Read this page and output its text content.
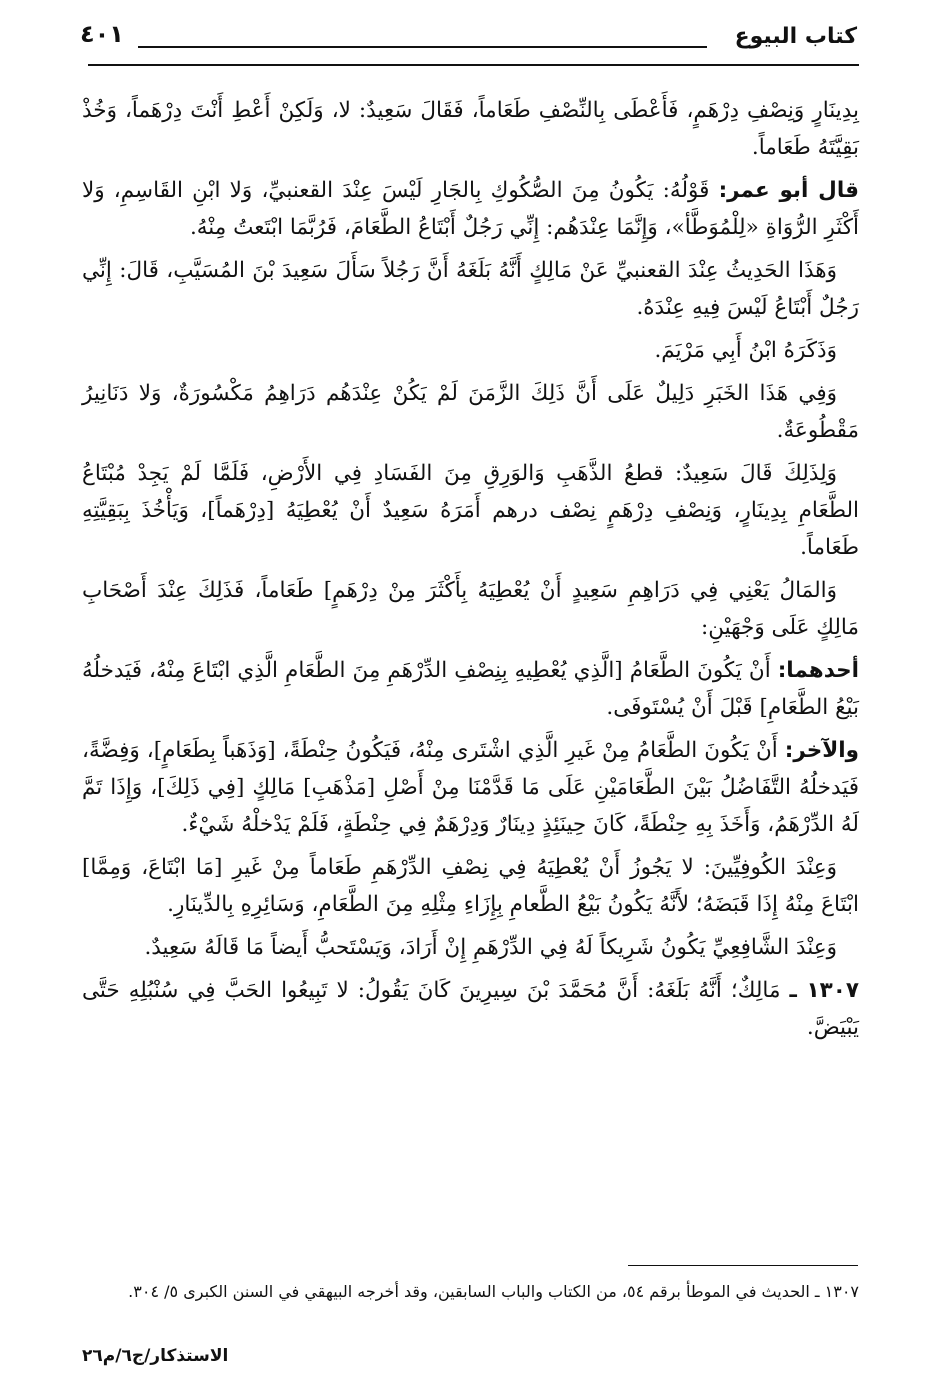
كتاب البيوع
٤٠١

بِدِينَارٍ وَنِصْفِ دِرْهَمٍ، فَأَعْطَى بِالنِّصْفِ طَعَاماً، فَقَالَ سَعِيدٌ: لا، وَلَكِنْ أَعْطِ أَنْتَ دِرْهَماً، وَخُذْ بَقِيَّتَهُ طَعَاماً.

قال أبو عمر: قَوْلُهُ: يَكُونُ مِنَ الصُّكُوكِ بِالجَارِ لَيْسَ عِنْدَ القعنبيِّ، وَلا ابْنِ القَاسِمِ، وَلا أَكْثَرِ الرُّوَاةِ «لِلْمُوَطَّأ»، وَإِنَّمَا عِنْدَهُم: إِنِّي رَجُلٌ أَبْتَاعُ الطَّعَامَ، فَرُبَّمَا ابْتَعتُ مِنْهُ.

وَهَذَا الحَدِيثُ عِنْدَ القعنبيِّ عَنْ مَالِكٍ أَنَّهُ بَلَغَهُ أَنَّ رَجُلاً سَأَلَ سَعِيدَ بْنَ المُسَيَّبِ، قَالَ: إِنِّي رَجُلٌ أَبْتَاعُ لَيْسَ فِيهِ عِنْدَهُ.

وَذَكَرَهُ ابْنُ أَبِي مَرْيَمَ.

وَفِي هَذَا الخَبَرِ دَلِيلٌ عَلَى أَنَّ ذَلِكَ الزَّمَنَ لَمْ يَكُنْ عِنْدَهُم دَرَاهِمُ مَكْسُورَةٌ، وَلا دَنَانِيرُ مَقْطُوعَةٌ.

وَلِذَلِكَ قَالَ سَعِيدٌ: قطعُ الذَّهَبِ وَالوَرِقِ مِنَ الفَسَادِ فِي الأَرْضِ، فَلَمَّا لَمْ يَجِدْ مُبْتَاعُ الطَّعَامِ بِدِينَارٍ، وَنِصْفِ دِرْهَمٍ نِصْف درهم أَمَرَهُ سَعِيدٌ أَنْ يُعْطِيَهُ [دِرْهَماً]، وَيَأْخُذَ بِبَقِيَّتِهِ طَعَاماً.

وَالمَالُ يَعْنِي فِي دَرَاهِمِ سَعِيدٍ أَنْ يُعْطِيَهُ بِأَكْثَرَ مِنْ دِرْهَمٍ] طَعَاماً، فَذَلِكَ عِنْدَ أَصْحَابِ مَالِكٍ عَلَى وَجْهَيْنِ:

أحدهما: أَنْ يَكُونَ الطَّعَامُ [الَّذِي يُعْطِيهِ بِنِصْفِ الدِّرْهَمِ مِنَ الطَّعَامِ الَّذِي ابْتَاعَ مِنْهُ، فَيَدخلُهُ بَيْعُ الطَّعَامِ] قَبْلَ أَنْ يُسْتَوفَى.

والآخر: أَنْ يَكُونَ الطَّعَامُ مِنْ غَيرِ الَّذِي اشْتَرى مِنْهُ، فَيَكُونُ حِنْطَةً، [وَذَهَباً بِطَعَامٍ]، وَفِضَّةً، فَيَدخلُهُ التَّفَاضُلُ بَيْنَ الطَّعَامَيْنِ عَلَى مَا قَدَّمْنَا مِنْ أَصْلِ [مَذْهَبِ] مَالِكٍ [فِي ذَلِكَ]، وَإِذَا تَمَّ لَهُ الدِّرْهَمُ، وَأَخَذَ بِهِ حِنْطَةً، كَانَ حِينَئِذٍ دِينَارٌ وَدِرْهَمٌ فِي حِنْطَةٍ، فَلَمْ يَدْخلْهُ شَيْءٌ.

وَعِنْدَ الكُوفِيِّينَ: لا يَجُوزُ أَنْ يُعْطِيَهُ فِي نِصْفِ الدِّرْهَمِ طَعَاماً مِنْ غَيرِ [مَا ابْتَاعَ، وَمِمَّا] ابْتَاعَ مِنْهُ إِذَا قَبَضَهُ؛ لأَنَّهُ يَكُونُ بَيْعُ الطَّعامِ بِإِزَاءِ مِثْلِهِ مِنَ الطَّعَامِ، وَسَائِرِهِ بِالدِّينَارِ.

وَعِنْدَ الشَّافِعِيِّ يَكُونُ شَرِيكاً لَهُ فِي الدِّرْهَمِ إِنْ أَرَادَ، وَيَسْتَحبُّ أَيضاً مَا قَالَهُ سَعِيدٌ.

١٣٠٧ ـ مَالِكٌ؛ أَنَّهُ بَلَغَهُ: أَنَّ مُحَمَّدَ بْنَ سِيرِينَ كَانَ يَقُولُ: لا تَبِيعُوا الحَبَّ فِي سُنْبُلِهِ حَتَّى يَبْيَضَّ.

١٣٠٧ ـ الحديث في الموطأ برقم ٥٤، من الكتاب والباب السابقين، وقد أخرجه البيهقي في السنن الكبرى ٥/ ٣٠٤.

الاستذكار/ج٦/م٢٦
